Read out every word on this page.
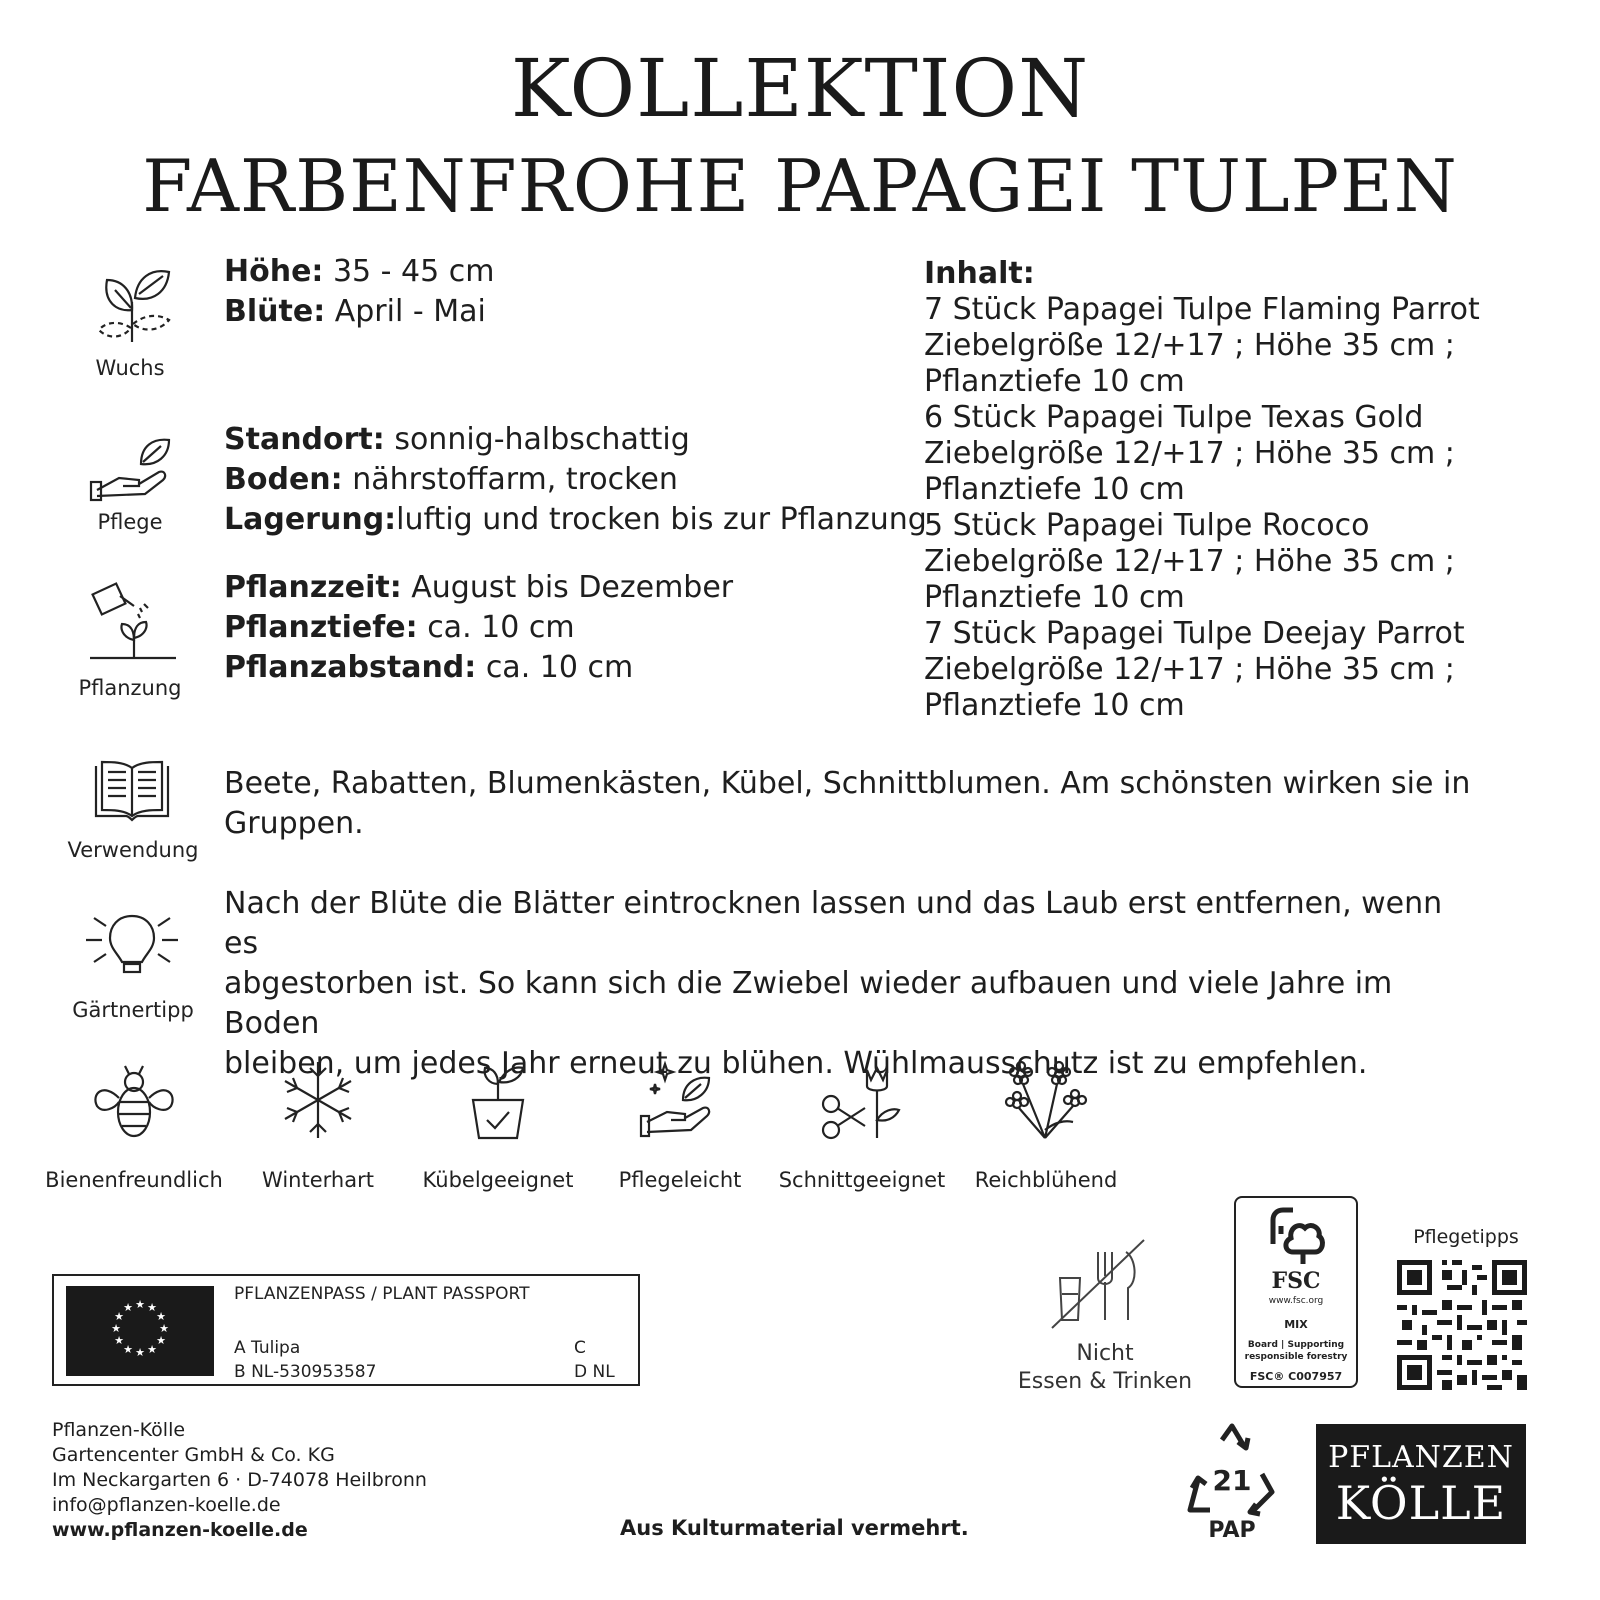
KOLLEKTION
FARBENFROHE PAPAGEI TULPEN
Wuchs
Höhe: 35 - 45 cm
Blüte: April - Mai
Pflege
Standort: sonnig-halbschattig
Boden: nährstoffarm, trocken
Lagerung:luftig und trocken bis zur Pflanzung
Pflanzung
Pflanzzeit: August bis Dezember
Pflanztiefe: ca. 10 cm
Pflanzabstand: ca. 10 cm
Inhalt:
7 Stück Papagei Tulpe Flaming Parrot
Ziebelgröße 12/+17 ; Höhe 35 cm ;
Pflanztiefe 10 cm
6 Stück Papagei Tulpe Texas Gold
Ziebelgröße 12/+17 ; Höhe 35 cm ;
Pflanztiefe 10 cm
5 Stück Papagei Tulpe Rococo
Ziebelgröße 12/+17 ; Höhe 35 cm ;
Pflanztiefe 10 cm
7 Stück Papagei Tulpe Deejay Parrot
Ziebelgröße 12/+17 ; Höhe 35 cm ;
Pflanztiefe 10 cm
Verwendung
Beete, Rabatten, Blumenkästen, Kübel, Schnittblumen. Am schönsten wirken sie in
Gruppen.
Gärtnertipp
Nach der Blüte die Blätter eintrocknen lassen und das Laub erst entfernen, wenn es
abgestorben ist. So kann sich die Zwiebel wieder aufbauen und viele Jahre im Boden
bleiben, um jedes Jahr erneut zu blühen. Wühlmausschutz ist zu empfehlen.
Bienenfreundlich	Winterhart	Kübelgeeignet	Pflegeleicht	Schnittgeeignet	Reichblühend
★ ★
★
★
★
★
★
★
★
★
★
★
PFLANZENPASS / PLANT PASSPORT
A Tulipa
B NL-530953587
C
D NL
Nicht
Essen & Trinken
FSC
www.fsc.org
MIX
Board | Supporting
responsible forestry
FSC® C007957
Pflegetipps
Pflanzen-Kölle
Gartencenter GmbH & Co. KG
Im Neckargarten 6 · D-74078 Heilbronn
info@pflanzen-koelle.de
www.pflanzen-koelle.de	Aus Kulturmaterial vermehrt.
21
PAP
PFLANZEN
KÖLLE
